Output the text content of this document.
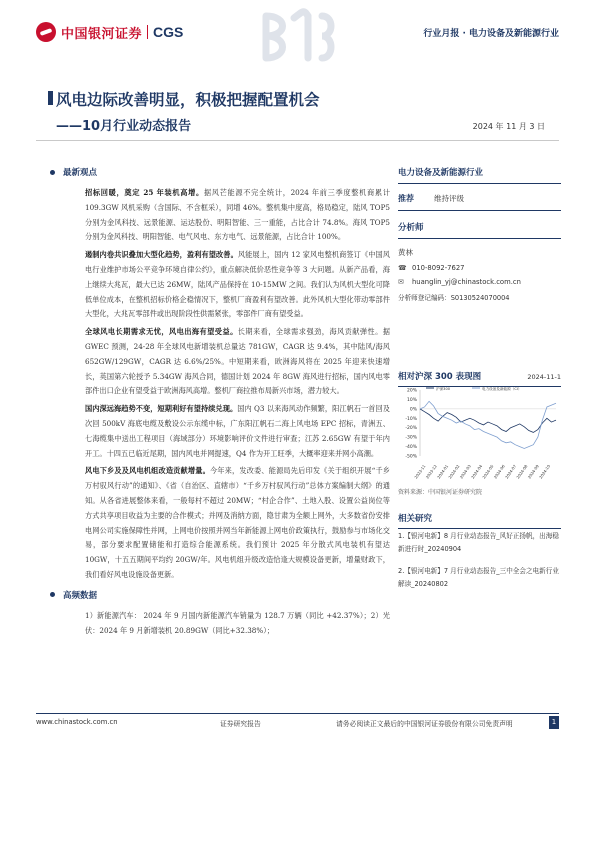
中国银河证券 CGS	行业月报 · 电力设备及新能源行业
风电边际改善明显，积极把握配置机会
——10月行业动态报告	2024 年 11 月 3 日
最新观点

招标回暖，奠定 25 年装机高增。据风芒能源不完全统计，2024 年前三季度整机商累计 109.3GW 风机采购（含国际、不含框采），同增 46%。整机集中度高，格局稳定，陆风 TOP5 分别为金风科技、远景能源、运达股份、明阳智能、三一重能，占比合计 74.8%。海风 TOP5 分别为金风科技、明阳智能、电气风电、东方电气、远景能源，占比合计 100%。

遏制内卷共识叠加大型化趋势，盈利有望改善。风能展上，国内 12 家风电整机商签订《中国风电行业维护市场公平竞争环境自律公约》，重点解决低价恶性竞争等 3 大问题。从新产品看，海上继续大兆瓦，最大已达 26MW，陆风产品保持在 10-15MW 之间。我们认为风机大型化可降低单位成本，在整机招标价格企稳情况下，整机厂商盈利有望改善。此外风机大型化带动零部件大型化，大兆瓦零部件或出现阶段性供需紧张，零部件厂商有望受益。

全球风电长期需求无忧，风电出海有望受益。长期来看，全球需求强劲，海风贡献弹性。据 GWEC 预测，24-28 年全球风电新增装机总量达 781GW，CAGR 达 9.4%，其中陆风/海风 652GW/129GW，CAGR 达 6.6%/25%。中短期来看，欧洲海风将在 2025 年迎来快速增长，英国第六轮授予 5.34GW 海风合同，德国计划 2024 年 8GW 海风进行招标，国内风电零部件出口企业有望受益于欧洲海风高增。整机厂商拉推布局新兴市场，潜力较大。

国内深远海趋势不变，短期利好有望持续兑现。国内 Q3 以来海风动作频繁，阳江帆石一首回及次回 500kV 海底电缆及敷设公示东缆中标，广东阳江帆石二海上风电场 EPC 招标，青洲五、七海缆集中送出工程项目（海域部分）环境影响评价文件进行审查；江苏 2.65GW 有望于年内开工。十四五已临近尾期，国内风电并网提速，Q4 作为开工旺季，大概率迎来并网小高潮。

风电下乡及及风电机组改造贡献增量。今年来，发改委、能源局先后印发《关于组织开展“千乡万村驭风行动”的通知》、《省（自治区、直辖市）“千乡万村驭风行动”总体方案编制大纲》的通知。从各省进展整体来看，一般每村不超过 20MW；“村企合作”、土地入股、设置公益岗位等方式共享项目收益为主要的合作模式；并网及消纳方面，隐甘肃为全额上网外，大多数省份安排电网公司实施保障性并网，上网电价按照并网当年新能源上网电价政策执行，鼓励参与市场化交易，部分要求配置储能和打造综合能源系统。我们预计 2025 年分散式风电装机有望达 10GW，十五五期间平均约 20GW/年。风电机组升级改造恰逢大规模设备更新，增量财政下，我们看好风电设施设备更新。

高频数据

1）新能源汽车： 2024 年 9 月国内新能源汽车销量为 128.7 万辆（同比 +42.37%）；2）光伏：2024 年 9 月新增装机 20.89GW（同比+32.38%）；

电力设备及新能源行业
推荐	维持评级
分析师
黄林
☎ 010-8092-7627
✉	huanglin_yj@chinastock.com.cn
分析师登记编码：S0130524070004
相对沪深 300 表现图	2024-11-1
沪深300	电力设备及新能源（CI）
20%
10%
0%
-10%
-20%
-30%
-40%
-50%
2023-11
2023-12
2024-01
2024-02
2024-03
2024-04
2024-05
2024-06
2024-07
2024-08
2024-09
2024-10
资料来源：中国银河证券研究院
相关研究
1.【银河电新】8 月行业动态报告_风好正扬帆，出海稳新进行时_20240904
2.【银河电新】7 月行业动态报告_三中全会之电新行业解读_20240802
www.chinastock.com.cn	证券研究报告	请务必阅读正文最后的中国银河证券股份有限公司免责声明	1
